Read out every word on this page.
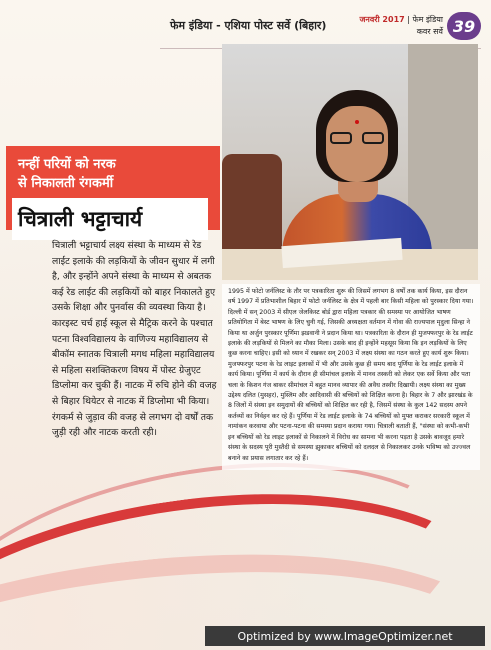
फेम इंडिया - एशिया पोस्ट सर्वे (बिहार)	जनवरी 2017 | फेम इंडिया
कवर सर्वे 39
नन्हीं परियों को नरक
से निकालती रंगकर्मी
चित्राली भट्टाचार्य
चित्राली भट्टाचार्य लक्ष्य संस्था के माध्यम से रेड लाईट इलाके की लड़कियों के जीवन सुधार में लगी है, और इन्होंने अपने संस्था के माध्यम से अबतक कई रेड लाईट की लड़कियों को बाहर निकालते हुए उसके शिक्षा और पुनर्वास की व्यवस्था किया है। कारइस्ट चर्च हाई स्कूल से मैट्रिक करने के पश्चात पटना विश्वविद्यालय के वाणिज्य महाविद्यालय से बीकॉम स्नातक चित्राली मगध महिला महाविद्यालय से महिला सशक्तिकरण विषय में पोस्ट ग्रेजुएट डिप्लोमा कर चुकी हैं। नाटक में रुचि होने की वजह से बिहार थियेटर से नाटक में डिप्लोमा भी किया। रंगकर्म से जुड़ाव की वजह से लगभग दो वर्षों तक जुड़ी रही और नाटक करती रही।
1995 में फोटो जर्नलिस्ट के तौर पर पत्रकारिता शुरू की जिसमें लगभग 8 वर्षों तक कार्य किया, इस दौरान वर्ष 1997 में प्रतिभाशील बिहार में फोटो जर्नलिस्ट के क्षेत्र में पहली बार किसी महिला को पुरस्कार दिया गया। दिल्ली में सन् 2003 में सीएल जेलकिस्ट बोर्ड द्वारा महिला पत्रकार की समस्या पर आयोजित भाषण प्रतियोगिता में बेस्ट भाषण के लिए चुनी गई, जिसकी अध्यक्षता वर्तमान में गोवा की राज्यपाल मृदुला सिन्हा ने किया था अर्जुन पुरस्कार पूर्णिमा झडवानी ने प्रदान किया था। पत्रकारिता के दौरान ही मुजफ्फरपुर के रेड लाईट इलाके की लड़कियों से मिलने का मौका मिला। उसके बाद ही इन्होंने महसूस किया कि इन लड़कियों के लिए कुछ करना चाहिए। इसी को ध्यान में रखकर सन् 2003 में लक्ष्य संस्था का गठन करते हुए कार्य शुरू किया। मुजफ्फरपुर पटना के रेड लाइट इलाकों में भी और उसके कुछ ही समय बाद पूर्णिया के रेड लाईट इलाके में कार्य किया। पूर्णिया में कार्य के दौरान ही सीमांचल इलाके में मानव तस्करी को लेकर एक सर्वे किया और पता चला के किशन गंज बाकर सीमांचल में बहुत मानव व्यापार की अवैध तस्वीर दिखायी। लक्ष्य संस्था का मुख्य उद्देश्य दलित (मुसहर), मुस्लिम और आदिवासी की बच्चियों को शिक्षित करना है। बिहार के 7 और झारखंड के 8 जिलों में संस्था इन समुदायों की बच्चियों को शिक्षित कर रही है, जिसमें संस्था के कुल 142 सदस्य अपने कर्तव्यों का निर्वहन कर रहे हैं। पूर्णिया में रेड लाईट इलाके के 74 बच्चियों को मुफ्त कराकर सरकारी स्कूल में नामांकन करवाया और पटना-पटना की समस्या प्रदान कराया गया। चित्राली बताती हैं, "संस्था को कभी-कभी इन बच्चियों को रेड लाइट इलाकों से निकालने में विरोध का सामना भी करना पड़ता है उसके बावजूद हमारे संस्था के सदस्य पूरी मुस्तैदी से समस्या झुकाकर बच्चियों को दलदल से निकालकर उनके भविष्य को उज्ज्वल बनाने का प्रयास लगातार कर रहे हैं।
Optimized by www.ImageOptimizer.net
